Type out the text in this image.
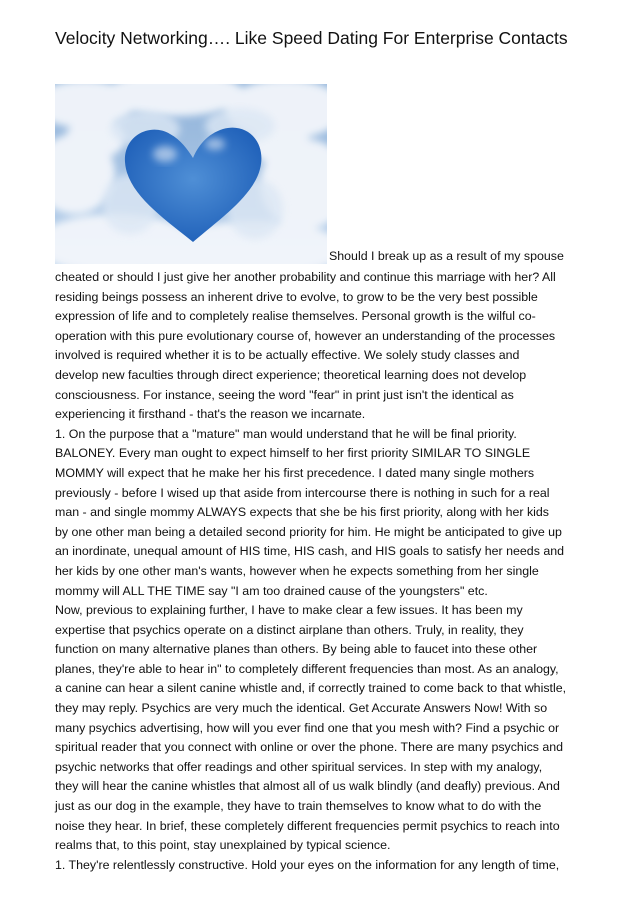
Velocity Networking…. Like Speed Dating For Enterprise Contacts
Should I break up as a result of my spouse
cheated or should I just give her another probability and continue this marriage with her? All
residing beings possess an inherent drive to evolve, to grow to be the very best possible
expression of life and to completely realise themselves. Personal growth is the wilful co-
operation with this pure evolutionary course of, however an understanding of the processes
involved is required whether it is to be actually effective. We solely study classes and
develop new faculties through direct experience; theoretical learning does not develop
consciousness. For instance, seeing the word "fear" in print just isn't the identical as
experiencing it firsthand - that's the reason we incarnate.
1. On the purpose that a "mature" man would understand that he will be final priority.
BALONEY. Every man ought to expect himself to her first priority SIMILAR TO SINGLE
MOMMY will expect that he make her his first precedence. I dated many single mothers
previously - before I wised up that aside from intercourse there is nothing in such for a real
man - and single mommy ALWAYS expects that she be his first priority, along with her kids
by one other man being a detailed second priority for him. He might be anticipated to give up
an inordinate, unequal amount of HIS time, HIS cash, and HIS goals to satisfy her needs and
her kids by one other man's wants, however when he expects something from her single
mommy will ALL THE TIME say "I am too drained cause of the youngsters" etc.
Now, previous to explaining further, I have to make clear a few issues. It has been my
expertise that psychics operate on a distinct airplane than others. Truly, in reality, they
function on many alternative planes than others. By being able to faucet into these other
planes, they're able to hear in" to completely different frequencies than most. As an analogy,
a canine can hear a silent canine whistle and, if correctly trained to come back to that whistle,
they may reply. Psychics are very much the identical. Get Accurate Answers Now! With so
many psychics advertising, how will you ever find one that you mesh with? Find a psychic or
spiritual reader that you connect with online or over the phone. There are many psychics and
psychic networks that offer readings and other spiritual services. In step with my analogy,
they will hear the canine whistles that almost all of us walk blindly (and deafly) previous. And
just as our dog in the example, they have to train themselves to know what to do with the
noise they hear. In brief, these completely different frequencies permit psychics to reach into
realms that, to this point, stay unexplained by typical science.
1. They're relentlessly constructive. Hold your eyes on the information for any length of time,
